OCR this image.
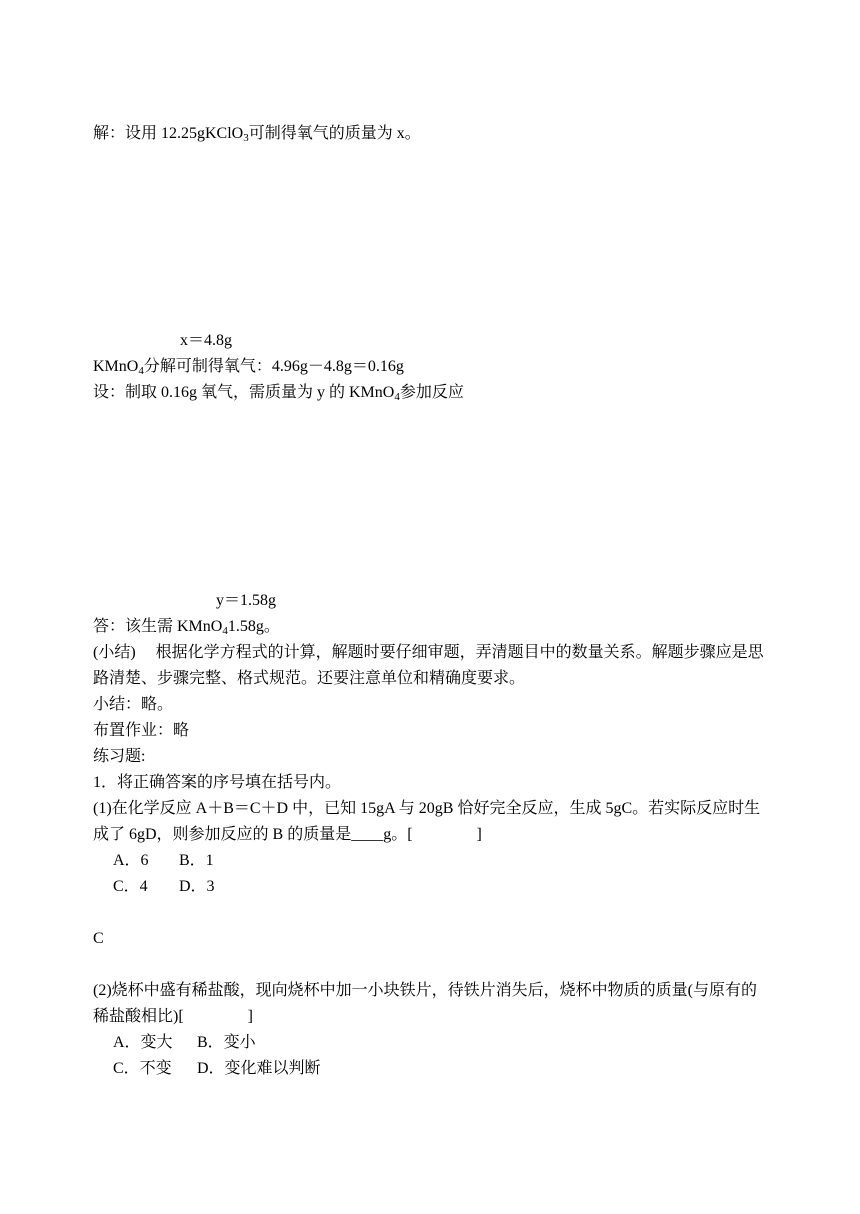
解：设用 12.25gKClO$_3$可制得氧气的质量为 x。
x＝4.8g
KMnO$_4$分解可制得氧气：4.96g－4.8g＝0.16g
设：制取 0.16g 氧气，需质量为 y 的 KMnO$_4$参加反应
y＝1.58g
答：该生需 KMnO$_4$1.58g。
(小结)　 根据化学方程式的计算，解题时要仔细审题，弄清题目中的数量关系。解题步骤应是思路清楚、步骤完整、格式规范。还要注意单位和精确度要求。
小结：略。
布置作业：略
练习题:
1．将正确答案的序号填在括号内。
(1)在化学反应 A＋B＝C＋D 中，已知 15gA 与 20gB 恰好完全反应，生成 5gC。若实际反应时生成了 6gD，则参加反应的 B 的质量是____g。[　　　　]
A．6 B．1
C．4 D．3
C
(2)烧杯中盛有稀盐酸，现向烧杯中加一小块铁片，待铁片消失后，烧杯中物质的质量(与原有的稀盐酸相比)[　　　　]
A．变大 B．变小
C．不变 D．变化难以判断
